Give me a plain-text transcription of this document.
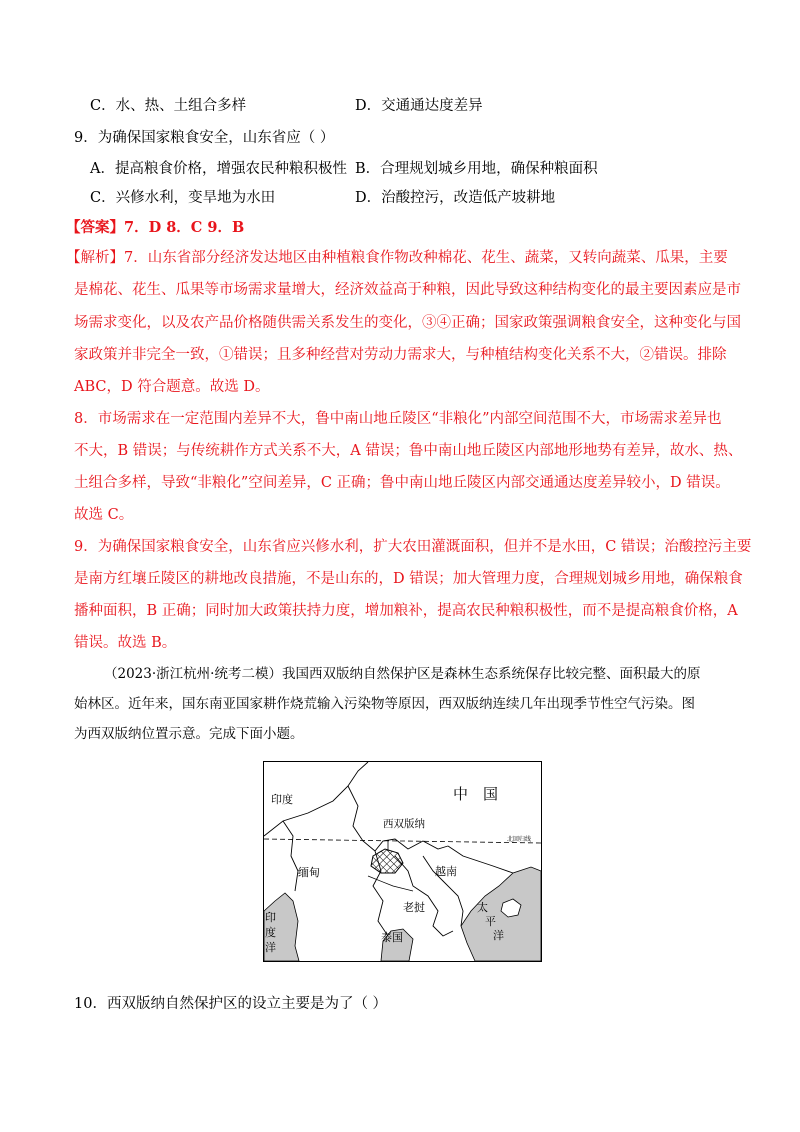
C．水、热、土组合多样	D．交通通达度差异
9．为确保国家粮食安全，山东省应（ ）
A．提高粮食价格，增强农民种粮积极性 B．合理规划城乡用地，确保种粮面积
C．兴修水利，变旱地为水田	D．治酸控污，改造低产坡耕地
【答案】7．D 8．C 9．B
【解析】7．山东省部分经济发达地区由种植粮食作物改种棉花、花生、蔬菜，又转向蔬菜、瓜果，主要
是棉花、花生、瓜果等市场需求量增大，经济效益高于种粮，因此导致这种结构变化的最主要因素应是市
场需求变化，以及农产品价格随供需关系发生的变化，③④正确；国家政策强调粮食安全，这种变化与国
家政策并非完全一致，①错误；且多种经营对劳动力需求大，与种植结构变化关系不大，②错误。排除
ABC，D 符合题意。故选 D。
8．市场需求在一定范围内差异不大，鲁中南山地丘陵区“非粮化”内部空间范围不大，市场需求差异也
不大，B 错误；与传统耕作方式关系不大，A 错误；鲁中南山地丘陵区内部地形地势有差异，故水、热、
土组合多样，导致“非粮化”空间差异，C 正确；鲁中南山地丘陵区内部交通通达度差异较小，D 错误。
故选 C。
9．为确保国家粮食安全，山东省应兴修水利，扩大农田灌溉面积，但并不是水田，C 错误；治酸控污主要
是南方红壤丘陵区的耕地改良措施，不是山东的，D 错误；加大管理力度，合理规划城乡用地，确保粮食
播种面积，B 正确；同时加大政策扶持力度，增加粮补，提高农民种粮积极性，而不是提高粮食价格，A
错误。故选 B。
（2023·浙江杭州·统考二模）我国西双版纳自然保护区是森林生态系统保存比较完整、面积最大的原
始林区。近年来，国东南亚国家耕作烧荒输入污染物等原因，西双版纳连续几年出现季节性空气污染。图
为西双版纳位置示意。完成下面小题。
中　国
印度
西双版纳
北回归线
缅甸	越南
老挝
泰国
印
度
洋
太
平
洋
10．西双版纳自然保护区的设立主要是为了（ ）
